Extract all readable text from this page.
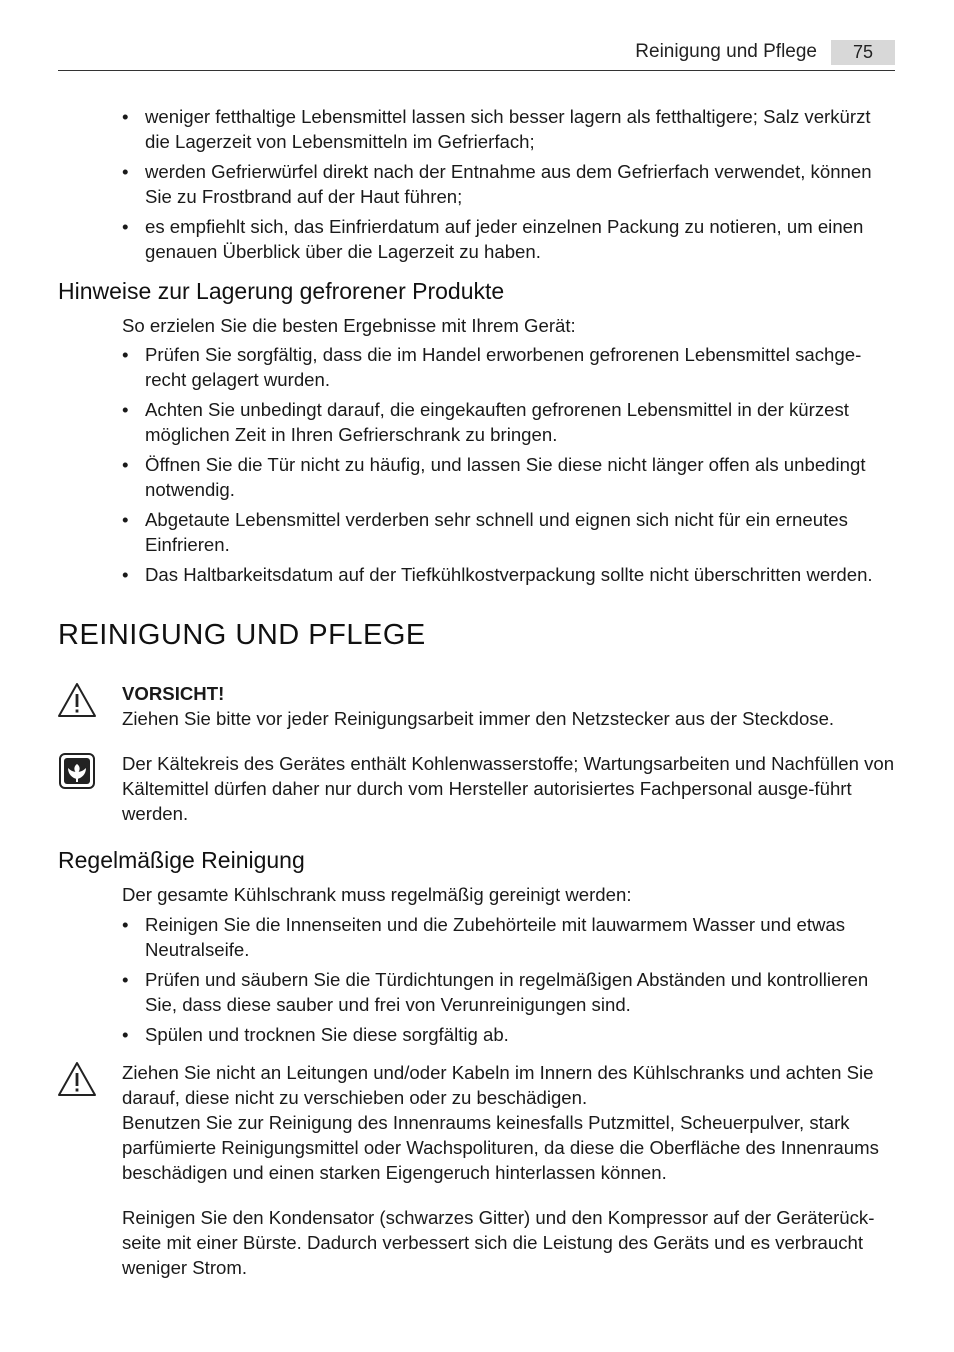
Reinigung und Pflege	75
• weniger fetthaltige Lebensmittel lassen sich besser lagern als fetthaltigere; Salz verkürzt die Lagerzeit von Lebensmitteln im Gefrierfach;
• werden Gefrierwürfel direkt nach der Entnahme aus dem Gefrierfach verwendet, können Sie zu Frostbrand auf der Haut führen;
• es empfiehlt sich, das Einfrierdatum auf jeder einzelnen Packung zu notieren, um einen genauen Überblick über die Lagerzeit zu haben.
Hinweise zur Lagerung gefrorener Produkte

So erzielen Sie die besten Ergebnisse mit Ihrem Gerät:

• Prüfen Sie sorgfältig, dass die im Handel erworbenen gefrorenen Lebensmittel sachge-recht gelagert wurden.
• Achten Sie unbedingt darauf, die eingekauften gefrorenen Lebensmittel in der kürzest möglichen Zeit in Ihren Gefrierschrank zu bringen.
• Öffnen Sie die Tür nicht zu häufig, und lassen Sie diese nicht länger offen als unbedingt notwendig.
• Abgetaute Lebensmittel verderben sehr schnell und eignen sich nicht für ein erneutes Einfrieren.
• Das Haltbarkeitsdatum auf der Tiefkühlkostverpackung sollte nicht überschritten werden.
REINIGUNG UND PFLEGE
VORSICHT!
Ziehen Sie bitte vor jeder Reinigungsarbeit immer den Netzstecker aus der Steckdose.

Der Kältekreis des Gerätes enthält Kohlenwasserstoffe; Wartungsarbeiten und Nachfüllen von Kältemittel dürfen daher nur durch vom Hersteller autorisiertes Fachpersonal ausge-führt werden.

Regelmäßige Reinigung

Der gesamte Kühlschrank muss regelmäßig gereinigt werden:

• Reinigen Sie die Innenseiten und die Zubehörteile mit lauwarmem Wasser und etwas Neutralseife.
• Prüfen und säubern Sie die Türdichtungen in regelmäßigen Abständen und kontrollieren Sie, dass diese sauber und frei von Verunreinigungen sind.
• Spülen und trocknen Sie diese sorgfältig ab.
Ziehen Sie nicht an Leitungen und/oder Kabeln im Innern des Kühlschranks und achten Sie darauf, diese nicht zu verschieben oder zu beschädigen.
Benutzen Sie zur Reinigung des Innenraums keinesfalls Putzmittel, Scheuerpulver, stark parfümierte Reinigungsmittel oder Wachspolituren, da diese die Oberfläche des Innenraums beschädigen und einen starken Eigengeruch hinterlassen können.

Reinigen Sie den Kondensator (schwarzes Gitter) und den Kompressor auf der Geräterück-seite mit einer Bürste. Dadurch verbessert sich die Leistung des Geräts und es verbraucht weniger Strom.
